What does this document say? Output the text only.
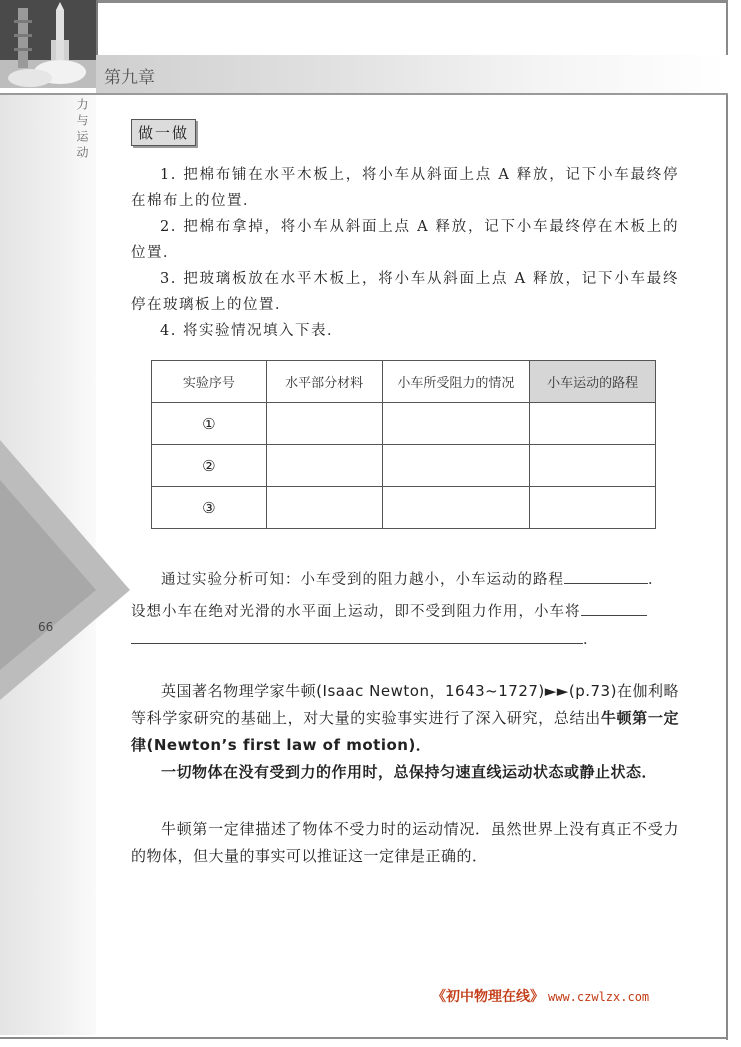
第九章
力与运动
66
做一做

1. 把棉布铺在水平木板上，将小车从斜面上点 A 释放，记下小车最终停在棉布上的位置．

2. 把棉布拿掉，将小车从斜面上点 A 释放，记下小车最终停在木板上的位置．

3. 把玻璃板放在水平木板上，将小车从斜面上点 A 释放，记下小车最终停在玻璃板上的位置．

4. 将实验情况填入下表．

实验序号	水平部分材料	小车所受阻力的情况	小车运动的路程
①			
②			
③			
通过实验分析可知：小车受到的阻力越小，小车运动的路程	．
设想小车在绝对光滑的水平面上运动，即不受到阻力作用，小车将
．

英国著名物理学家牛顿(Isaac Newton，1643~1727)►►(p.73)在伽利略等科学家研究的基础上，对大量的实验事实进行了深入研究，总结出牛顿第一定律(Newton’s first law of motion)．

一切物体在没有受到力的作用时，总保持匀速直线运动状态或静止状态．

牛顿第一定律描述了物体不受力时的运动情况．虽然世界上没有真正不受力的物体，但大量的事实可以推证这一定律是正确的．

《初中物理在线》 www.czwlzx.com
